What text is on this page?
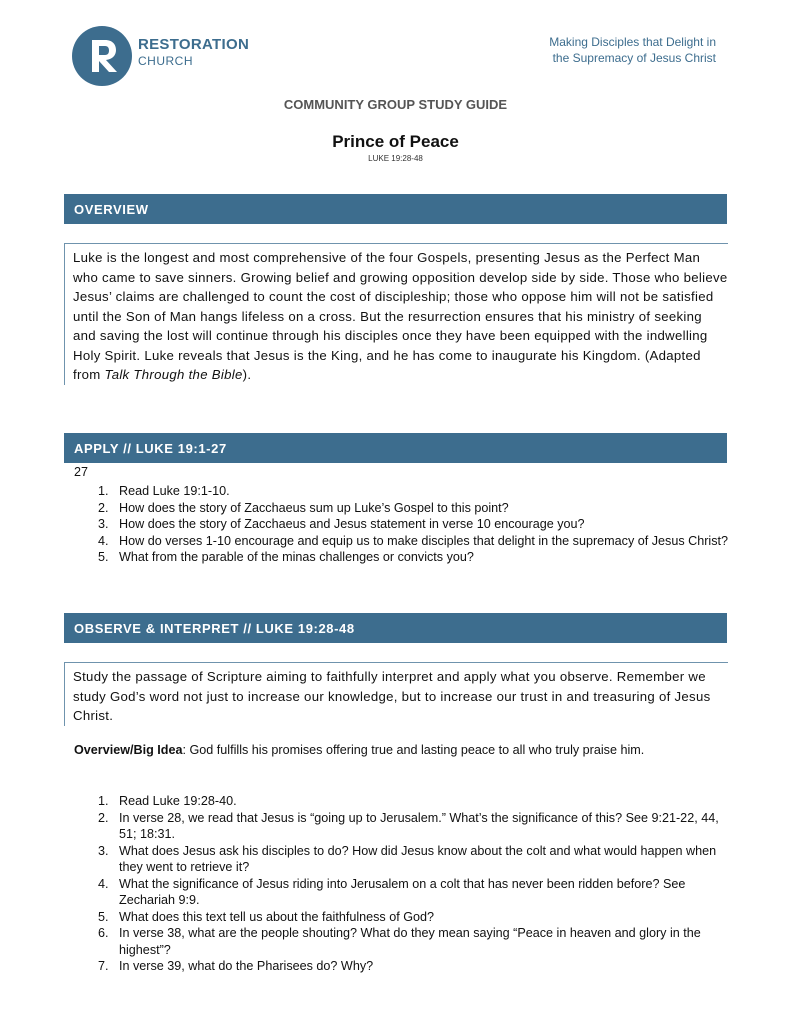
RESTORATION
CHURCH
Making Disciples that Delight in
the Supremacy of Jesus Christ
COMMUNITY GROUP STUDY GUIDE
Prince of Peace
LUKE 19:28-48
OVERVIEW
Luke is the longest and most comprehensive of the four Gospels, presenting Jesus as the Perfect Man who came to save sinners. Growing belief and growing opposition develop side by side. Those who believe Jesus’ claims are challenged to count the cost of discipleship; those who oppose him will not be satisfied until the Son of Man hangs lifeless on a cross. But the resurrection ensures that his ministry of seeking and saving the lost will continue through his disciples once they have been equipped with the indwelling Holy Spirit. Luke reveals that Jesus is the King, and he has come to inaugurate his Kingdom. (Adapted from Talk Through the Bible).
APPLY // LUKE 19:1-27
27
1. Read Luke 19:1-10.
2. How does the story of Zacchaeus sum up Luke’s Gospel to this point?
3. How does the story of Zacchaeus and Jesus statement in verse 10 encourage you?
4. How do verses 1-10 encourage and equip us to make disciples that delight in the supremacy of Jesus Christ?
5. What from the parable of the minas challenges or convicts you?
OBSERVE & INTERPRET // LUKE 19:28-48
Study the passage of Scripture aiming to faithfully interpret and apply what you observe. Remember we study God’s word not just to increase our knowledge, but to increase our trust in and treasuring of Jesus Christ.
Overview/Big Idea: God fulfills his promises offering true and lasting peace to all who truly praise him.
1. Read Luke 19:28-40.
2. In verse 28, we read that Jesus is “going up to Jerusalem.” What’s the significance of this? See 9:21-22, 44, 51; 18:31.
3. What does Jesus ask his disciples to do? How did Jesus know about the colt and what would happen when they went to retrieve it?
4. What the significance of Jesus riding into Jerusalem on a colt that has never been ridden before? See Zechariah 9:9.
5. What does this text tell us about the faithfulness of God?
6. In verse 38, what are the people shouting? What do they mean saying “Peace in heaven and glory in the highest”?
7. In verse 39, what do the Pharisees do? Why?
